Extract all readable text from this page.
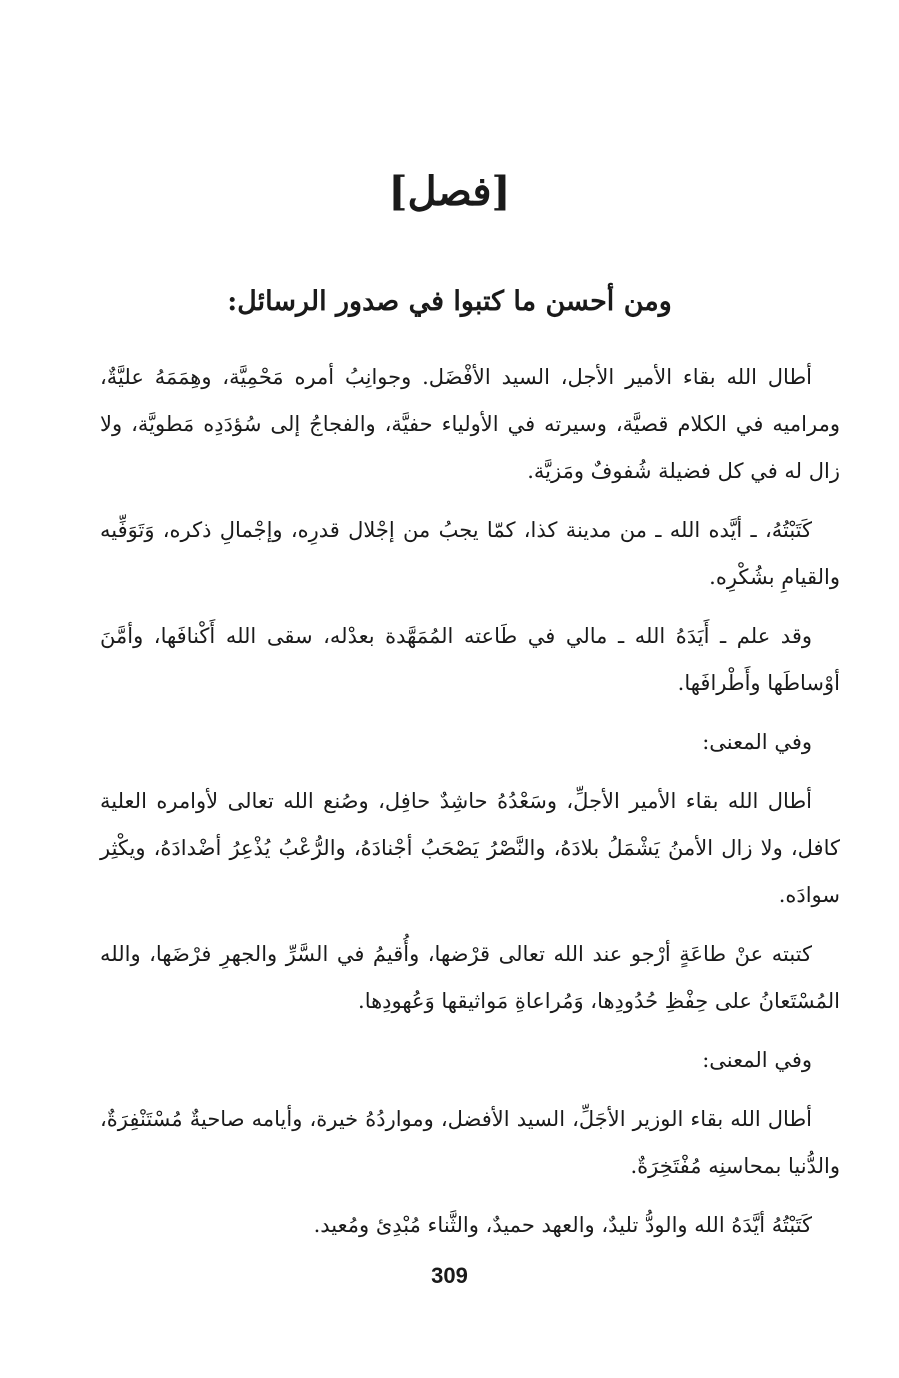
[فصل]
ومن أحسن ما كتبوا في صدور الرسائل:

أطال الله بقاء الأمير الأجل، السيد الأفْضَل. وجوانِبُ أمره مَحْمِيَّة، وهِمَمَهُ عليَّةٌ، ومراميه في الكلام قصيَّة، وسيرته في الأولياء حفيَّة، والفجاجُ إلى سُؤدَدِه مَطويَّة، ولا زال له في كل فضيلة شُفوفٌ ومَزيَّة.

كَتَبْتُهُ، ـ أيَّده الله ـ من مدينة كذا، كمّا يجبُ من إجْلال قدرِه، وإجْمالِ ذكره، وَتَوَفِّيه والقيامِ بشُكْرِه.

وقد علم ـ أَيَدَهُ الله ـ مالي في طَاعته المُمَهَّدة بعدْله، سقى الله أَكْنافَها، وأمَّنَ أوْساطَها وأَطْرافَها.

وفي المعنى:

أطال الله بقاء الأمير الأجلِّ، وسَعْدُهُ حاشِدٌ حافِل، وصُنع الله تعالى لأوامره العلية كافل، ولا زال الأمنُ يَشْمَلُ بلادَهُ، والنَّصْرُ يَصْحَبُ أجْنادَهُ، والرُّعْبُ يُذْعِرُ أضْدادَهُ، ويكْثِر سوادَه.

كتبته عنْ طاعَةٍ أرْجو عند الله تعالى قرْضها، وأُقيمُ في السَّرِّ والجهرِ فرْضَها، والله المُسْتَعانُ على حِفْظِ حُدُودِها، وَمُراعاةِ مَواثيقها وَعُهودِها.

وفي المعنى:

أطال الله بقاء الوزير الأجَلِّ، السيد الأفضل، ومواردُهُ خيرة، وأيامه صاحيةٌ مُسْتَنْفِرَةٌ، والدُّنيا بمحاسنِه مُفْتَخِرَةٌ.

كَتَبْتُهُ أيَّدَهُ الله والودُّ تليدٌ، والعهد حميدٌ، والثَّناء مُبْدِئ ومُعيد.

309
